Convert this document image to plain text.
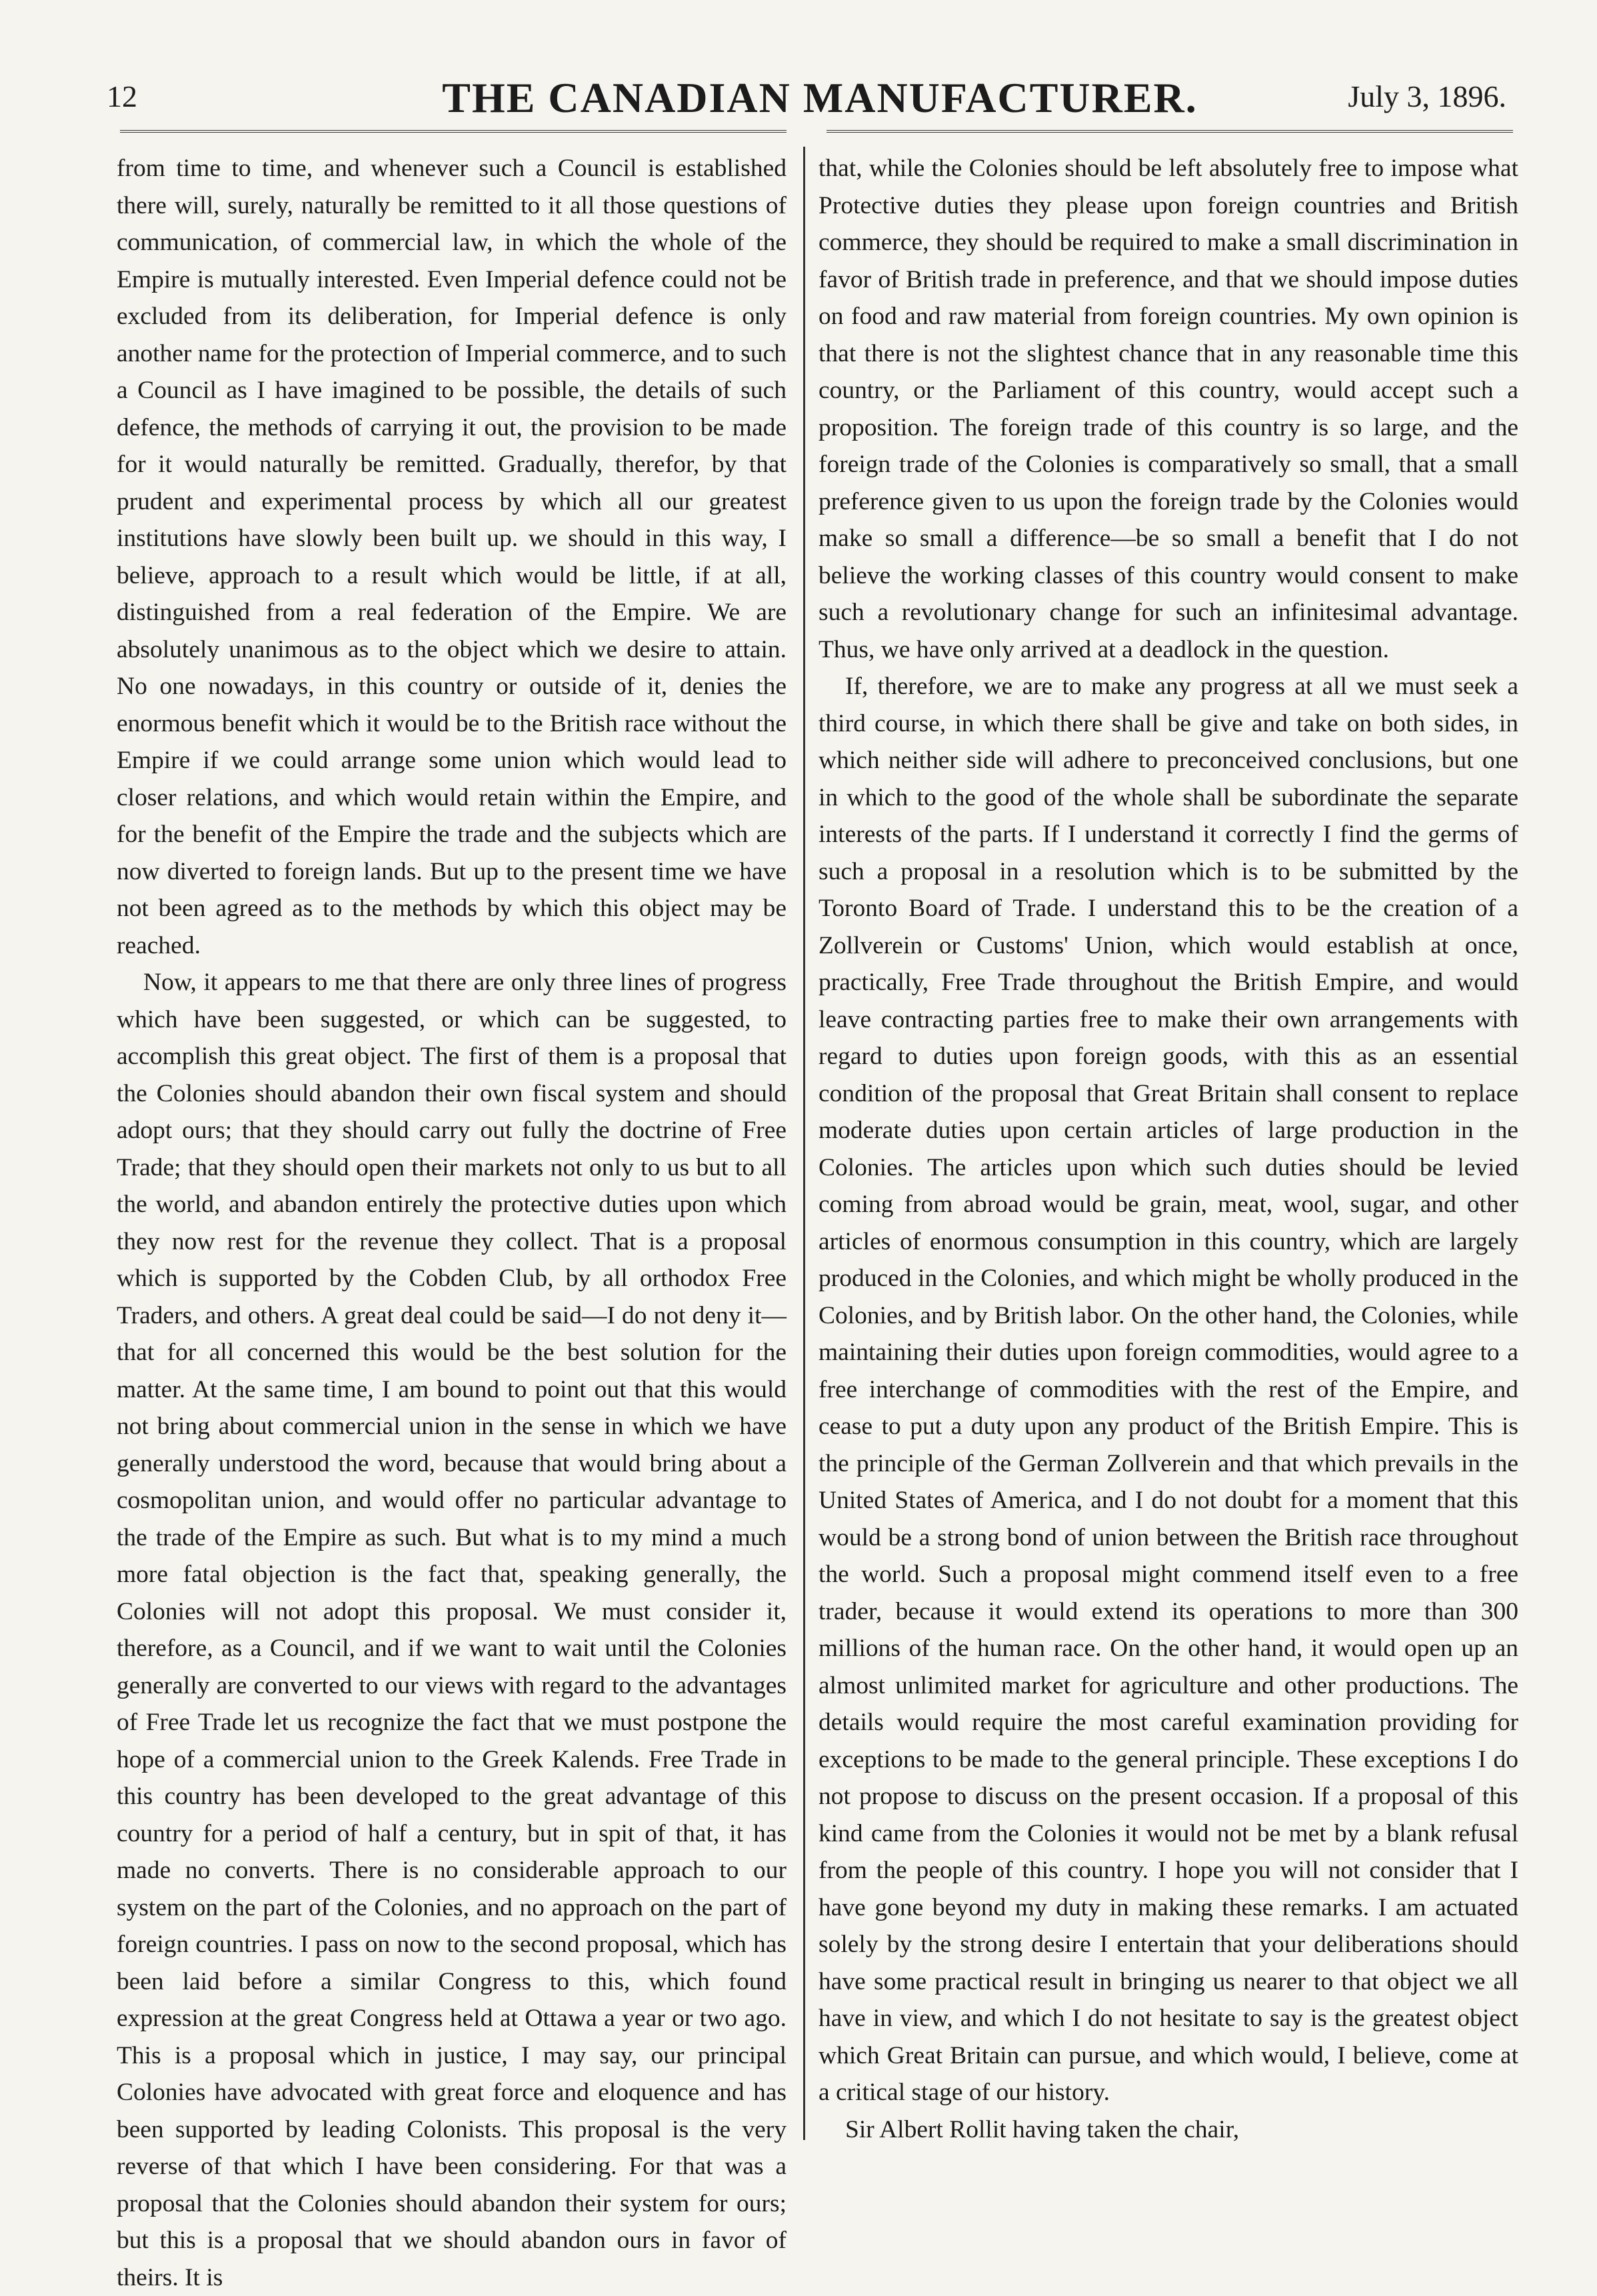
12	THE CANADIAN MANUFACTURER.	July 3, 1896.

from time to time, and whenever such a Council is established there will, surely, naturally be remitted to it all those questions of communication, of commercial law, in which the whole of the Empire is mutually interested. Even Imperial defence could not be excluded from its deliberation, for Imperial defence is only another name for the protection of Imperial commerce, and to such a Council as I have imagined to be possible, the details of such defence, the methods of carrying it out, the provision to be made for it would naturally be remitted. Gradually, therefor, by that prudent and experimental process by which all our greatest institutions have slowly been built up. we should in this way, I believe, approach to a result which would be little, if at all, distinguished from a real federation of the Empire. We are absolutely unanimous as to the object which we desire to attain. No one nowadays, in this country or outside of it, denies the enormous benefit which it would be to the British race without the Empire if we could arrange some union which would lead to closer relations, and which would retain within the Empire, and for the benefit of the Empire the trade and the subjects which are now diverted to foreign lands. But up to the present time we have not been agreed as to the methods by which this object may be reached.

Now, it appears to me that there are only three lines of progress which have been suggested, or which can be suggested, to accomplish this great object. The first of them is a proposal that the Colonies should abandon their own fiscal system and should adopt ours; that they should carry out fully the doctrine of Free Trade; that they should open their markets not only to us but to all the world, and abandon entirely the protective duties upon which they now rest for the revenue they collect. That is a proposal which is supported by the Cobden Club, by all orthodox Free Traders, and others. A great deal could be said—I do not deny it—that for all concerned this would be the best solution for the matter. At the same time, I am bound to point out that this would not bring about commercial union in the sense in which we have generally understood the word, because that would bring about a cosmopolitan union, and would offer no particular advantage to the trade of the Empire as such. But what is to my mind a much more fatal objection is the fact that, speaking generally, the Colonies will not adopt this proposal. We must consider it, therefore, as a Council, and if we want to wait until the Colonies generally are converted to our views with regard to the advantages of Free Trade let us recognize the fact that we must postpone the hope of a commercial union to the Greek Kalends. Free Trade in this country has been developed to the great advantage of this country for a period of half a century, but in spit of that, it has made no converts. There is no considerable approach to our system on the part of the Colonies, and no approach on the part of foreign countries. I pass on now to the second proposal, which has been laid before a similar Congress to this, which found expression at the great Congress held at Ottawa a year or two ago. This is a proposal which in justice, I may say, our principal Colonies have advocated with great force and eloquence and has been supported by leading Colonists. This proposal is the very reverse of that which I have been considering. For that was a proposal that the Colonies should abandon their system for ours; but this is a proposal that we should abandon ours in favor of theirs. It is

that, while the Colonies should be left absolutely free to impose what Protective duties they please upon foreign countries and British commerce, they should be required to make a small discrimination in favor of British trade in preference, and that we should impose duties on food and raw material from foreign countries. My own opinion is that there is not the slightest chance that in any reasonable time this country, or the Parliament of this country, would accept such a proposition. The foreign trade of this country is so large, and the foreign trade of the Colonies is comparatively so small, that a small preference given to us upon the foreign trade by the Colonies would make so small a difference—be so small a benefit that I do not believe the working classes of this country would consent to make such a revolutionary change for such an infinitesimal advantage. Thus, we have only arrived at a deadlock in the question.

If, therefore, we are to make any progress at all we must seek a third course, in which there shall be give and take on both sides, in which neither side will adhere to preconceived conclusions, but one in which to the good of the whole shall be subordinate the separate interests of the parts. If I understand it correctly I find the germs of such a proposal in a resolution which is to be submitted by the Toronto Board of Trade. I understand this to be the creation of a Zollverein or Customs' Union, which would establish at once, practically, Free Trade throughout the British Empire, and would leave contracting parties free to make their own arrangements with regard to duties upon foreign goods, with this as an essential condition of the proposal that Great Britain shall consent to replace moderate duties upon certain articles of large production in the Colonies. The articles upon which such duties should be levied coming from abroad would be grain, meat, wool, sugar, and other articles of enormous consumption in this country, which are largely produced in the Colonies, and which might be wholly produced in the Colonies, and by British labor. On the other hand, the Colonies, while maintaining their duties upon foreign commodities, would agree to a free interchange of commodities with the rest of the Empire, and cease to put a duty upon any product of the British Empire. This is the principle of the German Zollverein and that which prevails in the United States of America, and I do not doubt for a moment that this would be a strong bond of union between the British race throughout the world. Such a proposal might commend itself even to a free trader, because it would extend its operations to more than 300 millions of the human race. On the other hand, it would open up an almost unlimited market for agriculture and other productions. The details would require the most careful examination providing for exceptions to be made to the general principle. These exceptions I do not propose to discuss on the present occasion. If a proposal of this kind came from the Colonies it would not be met by a blank refusal from the people of this country. I hope you will not consider that I have gone beyond my duty in making these remarks. I am actuated solely by the strong desire I entertain that your deliberations should have some practical result in bringing us nearer to that object we all have in view, and which I do not hesitate to say is the greatest object which Great Britain can pursue, and which would, I believe, come at a critical stage of our history.

Sir Albert Rollit having taken the chair,
